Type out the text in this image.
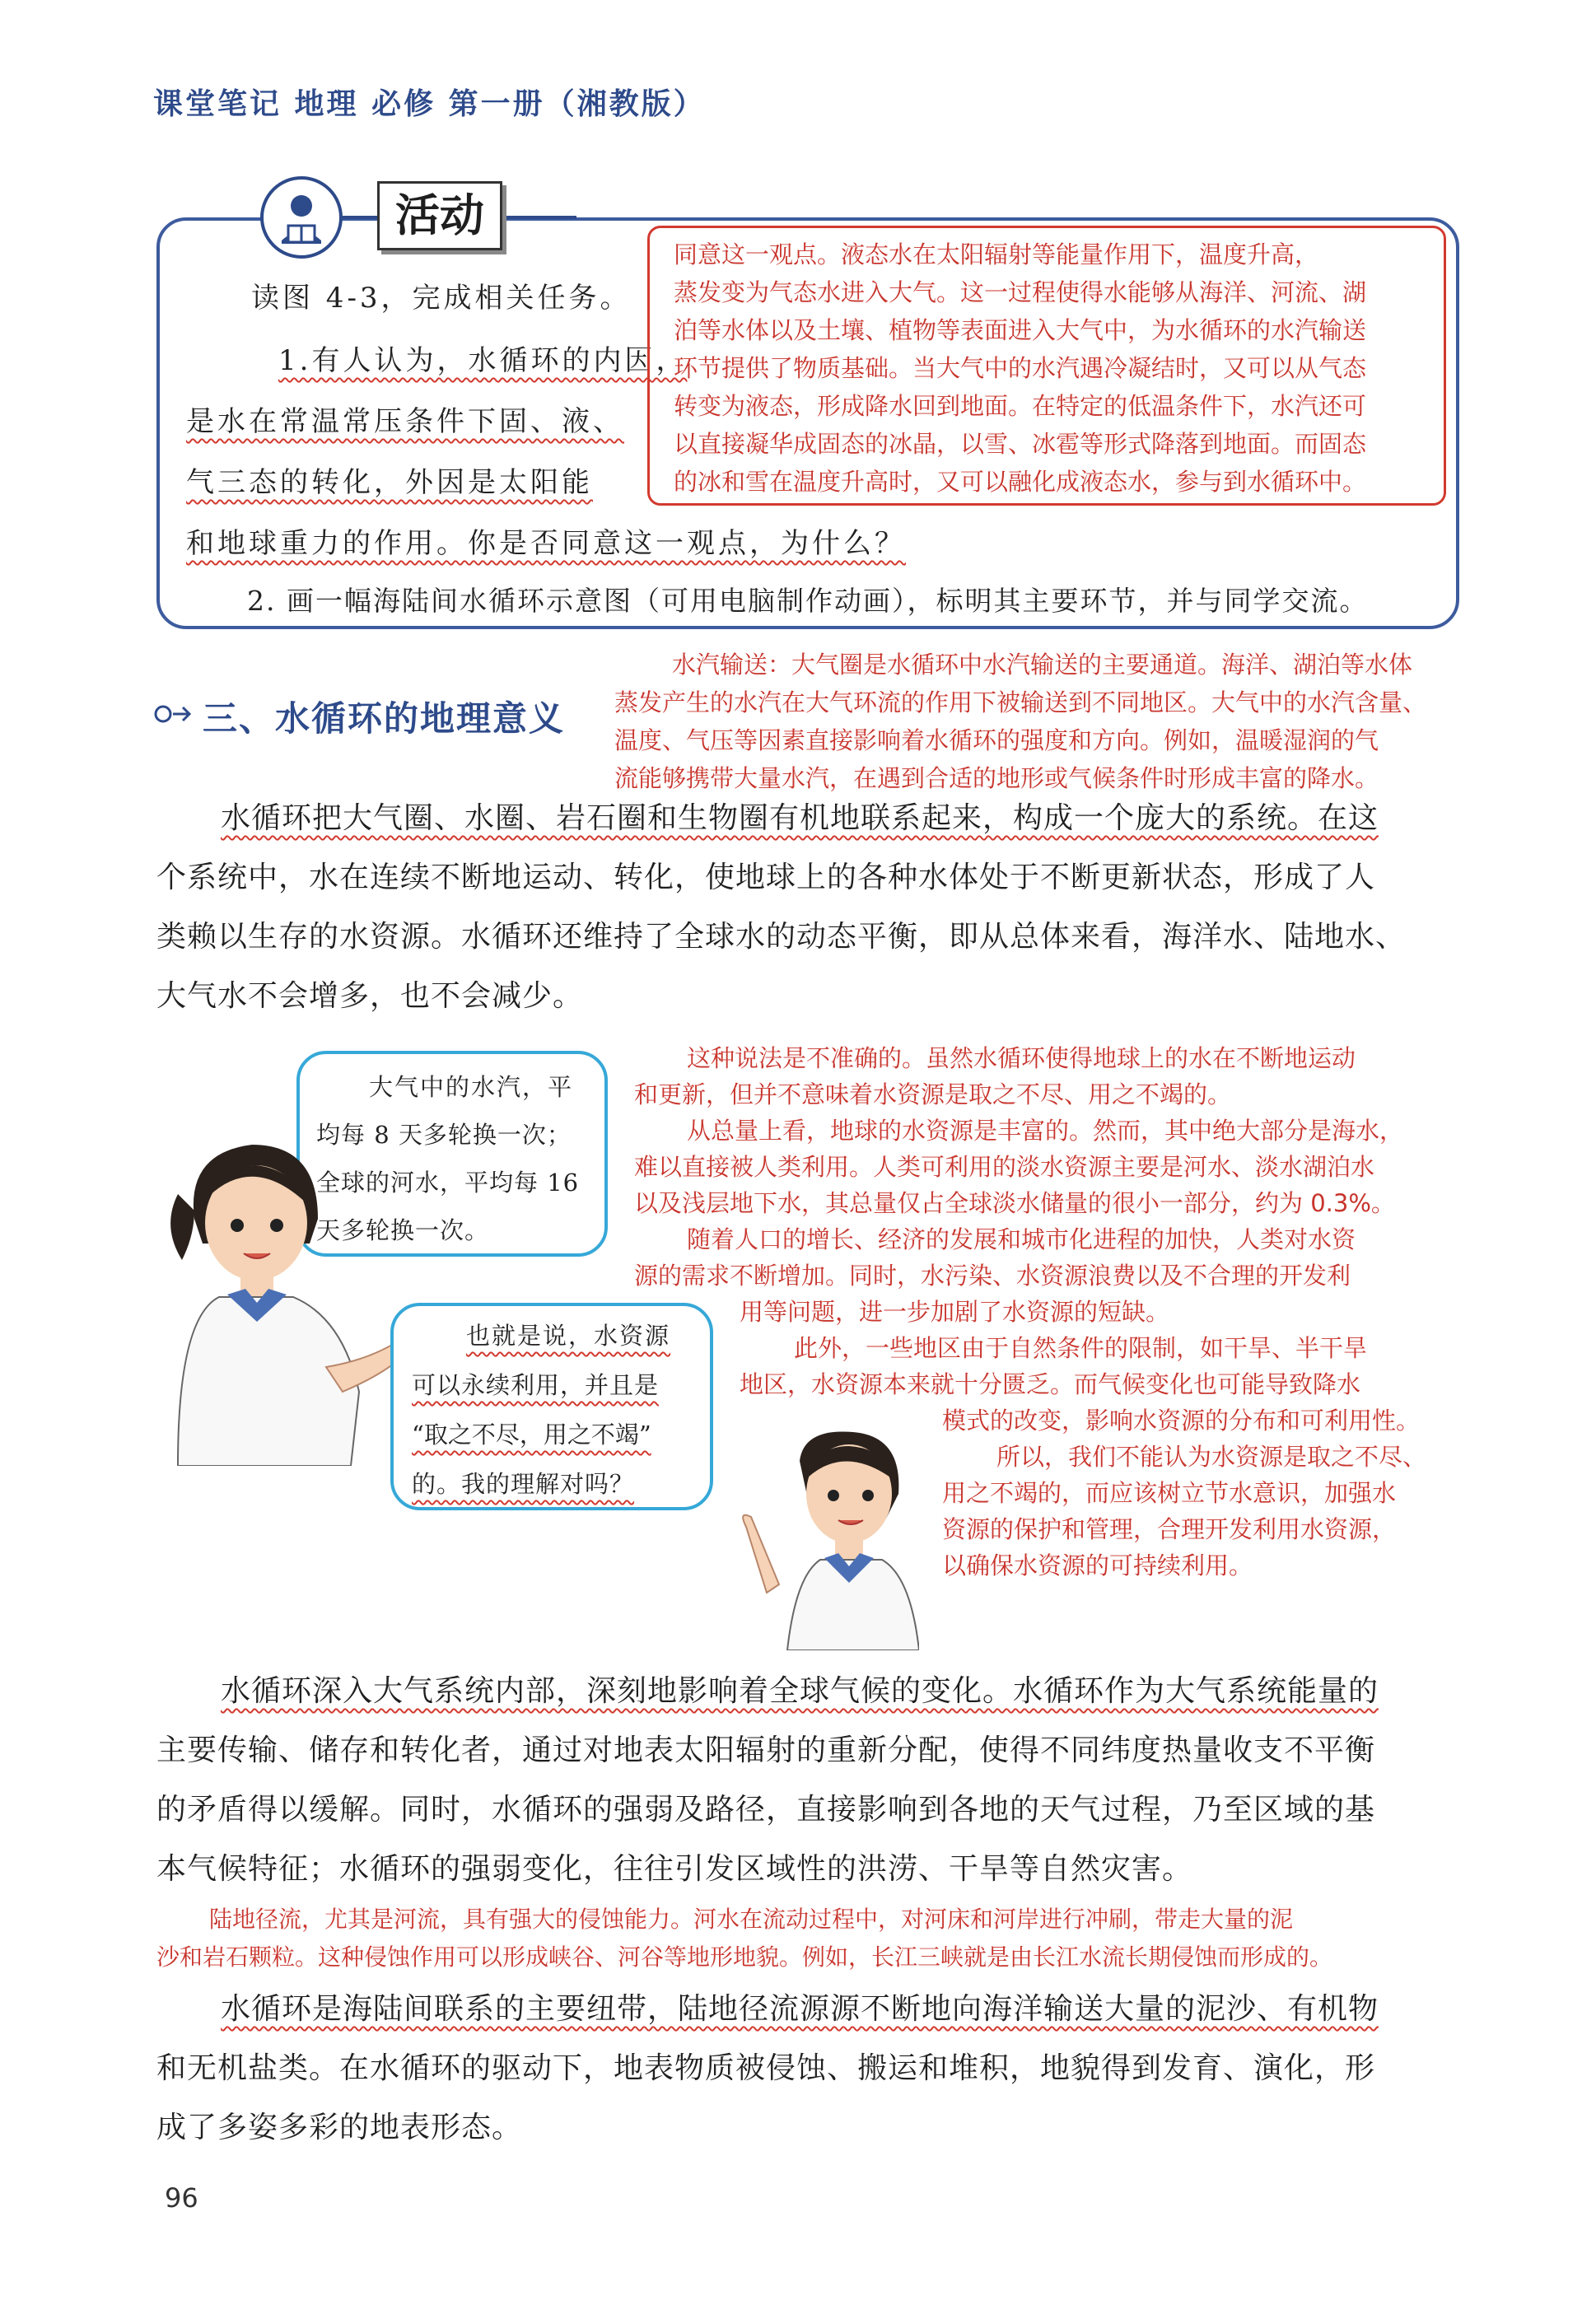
课堂笔记 地理 必修 第一册（湘教版）
活动
读图 4-3，完成相关任务。
1.有人认为，水循环的内因，
是水在常温常压条件下固、液、
气三态的转化，外因是太阳能
和地球重力的作用。你是否同意这一观点，为什么？
2. 画一幅海陆间水循环示意图（可用电脑制作动画），标明其主要环节，并与同学交流。
同意这一观点。液态水在太阳辐射等能量作用下，温度升高，
蒸发变为气态水进入大气。这一过程使得水能够从海洋、河流、湖
泊等水体以及土壤、植物等表面进入大气中，为水循环的水汽输送
环节提供了物质基础。当大气中的水汽遇冷凝结时，又可以从气态
转变为液态，形成降水回到地面。在特定的低温条件下，水汽还可
以直接凝华成固态的冰晶，以雪、冰雹等形式降落到地面。而固态
的冰和雪在温度升高时，又可以融化成液态水，参与到水循环中。
三、水循环的地理意义
水汽输送：大气圈是水循环中水汽输送的主要通道。海洋、湖泊等水体
蒸发产生的水汽在大气环流的作用下被输送到不同地区。大气中的水汽含量、
温度、气压等因素直接影响着水循环的强度和方向。例如，温暖湿润的气
流能够携带大量水汽，在遇到合适的地形或气候条件时形成丰富的降水。
水循环把大气圈、水圈、岩石圈和生物圈有机地联系起来，构成一个庞大的系统。在这
个系统中，水在连续不断地运动、转化，使地球上的各种水体处于不断更新状态，形成了人
类赖以生存的水资源。水循环还维持了全球水的动态平衡，即从总体来看，海洋水、陆地水、
大气水不会增多，也不会减少。
大气中的水汽，平
均每 8 天多轮换一次；
全球的河水，平均每 16
天多轮换一次。
也就是说，水资源
可以永续利用，并且是
“取之不尽，用之不竭”
的。我的理解对吗？
这种说法是不准确的。虽然水循环使得地球上的水在不断地运动
和更新，但并不意味着水资源是取之不尽、用之不竭的。
从总量上看，地球的水资源是丰富的。然而，其中绝大部分是海水，
难以直接被人类利用。人类可利用的淡水资源主要是河水、淡水湖泊水
以及浅层地下水，其总量仅占全球淡水储量的很小一部分，约为 0.3%。
随着人口的增长、经济的发展和城市化进程的加快，人类对水资
源的需求不断增加。同时，水污染、水资源浪费以及不合理的开发利
用等问题，进一步加剧了水资源的短缺。
此外，一些地区由于自然条件的限制，如干旱、半干旱
地区，水资源本来就十分匮乏。而气候变化也可能导致降水
模式的改变，影响水资源的分布和可利用性。
所以，我们不能认为水资源是取之不尽、
用之不竭的，而应该树立节水意识，加强水
资源的保护和管理，合理开发利用水资源，
以确保水资源的可持续利用。
水循环深入大气系统内部，深刻地影响着全球气候的变化。水循环作为大气系统能量的
主要传输、储存和转化者，通过对地表太阳辐射的重新分配，使得不同纬度热量收支不平衡
的矛盾得以缓解。同时，水循环的强弱及路径，直接影响到各地的天气过程，乃至区域的基
本气候特征；水循环的强弱变化，往往引发区域性的洪涝、干旱等自然灾害。
陆地径流，尤其是河流，具有强大的侵蚀能力。河水在流动过程中，对河床和河岸进行冲刷，带走大量的泥
沙和岩石颗粒。这种侵蚀作用可以形成峡谷、河谷等地形地貌。例如，长江三峡就是由长江水流长期侵蚀而形成的。
水循环是海陆间联系的主要纽带，陆地径流源源不断地向海洋输送大量的泥沙、有机物
和无机盐类。在水循环的驱动下，地表物质被侵蚀、搬运和堆积，地貌得到发育、演化，形
成了多姿多彩的地表形态。
96
